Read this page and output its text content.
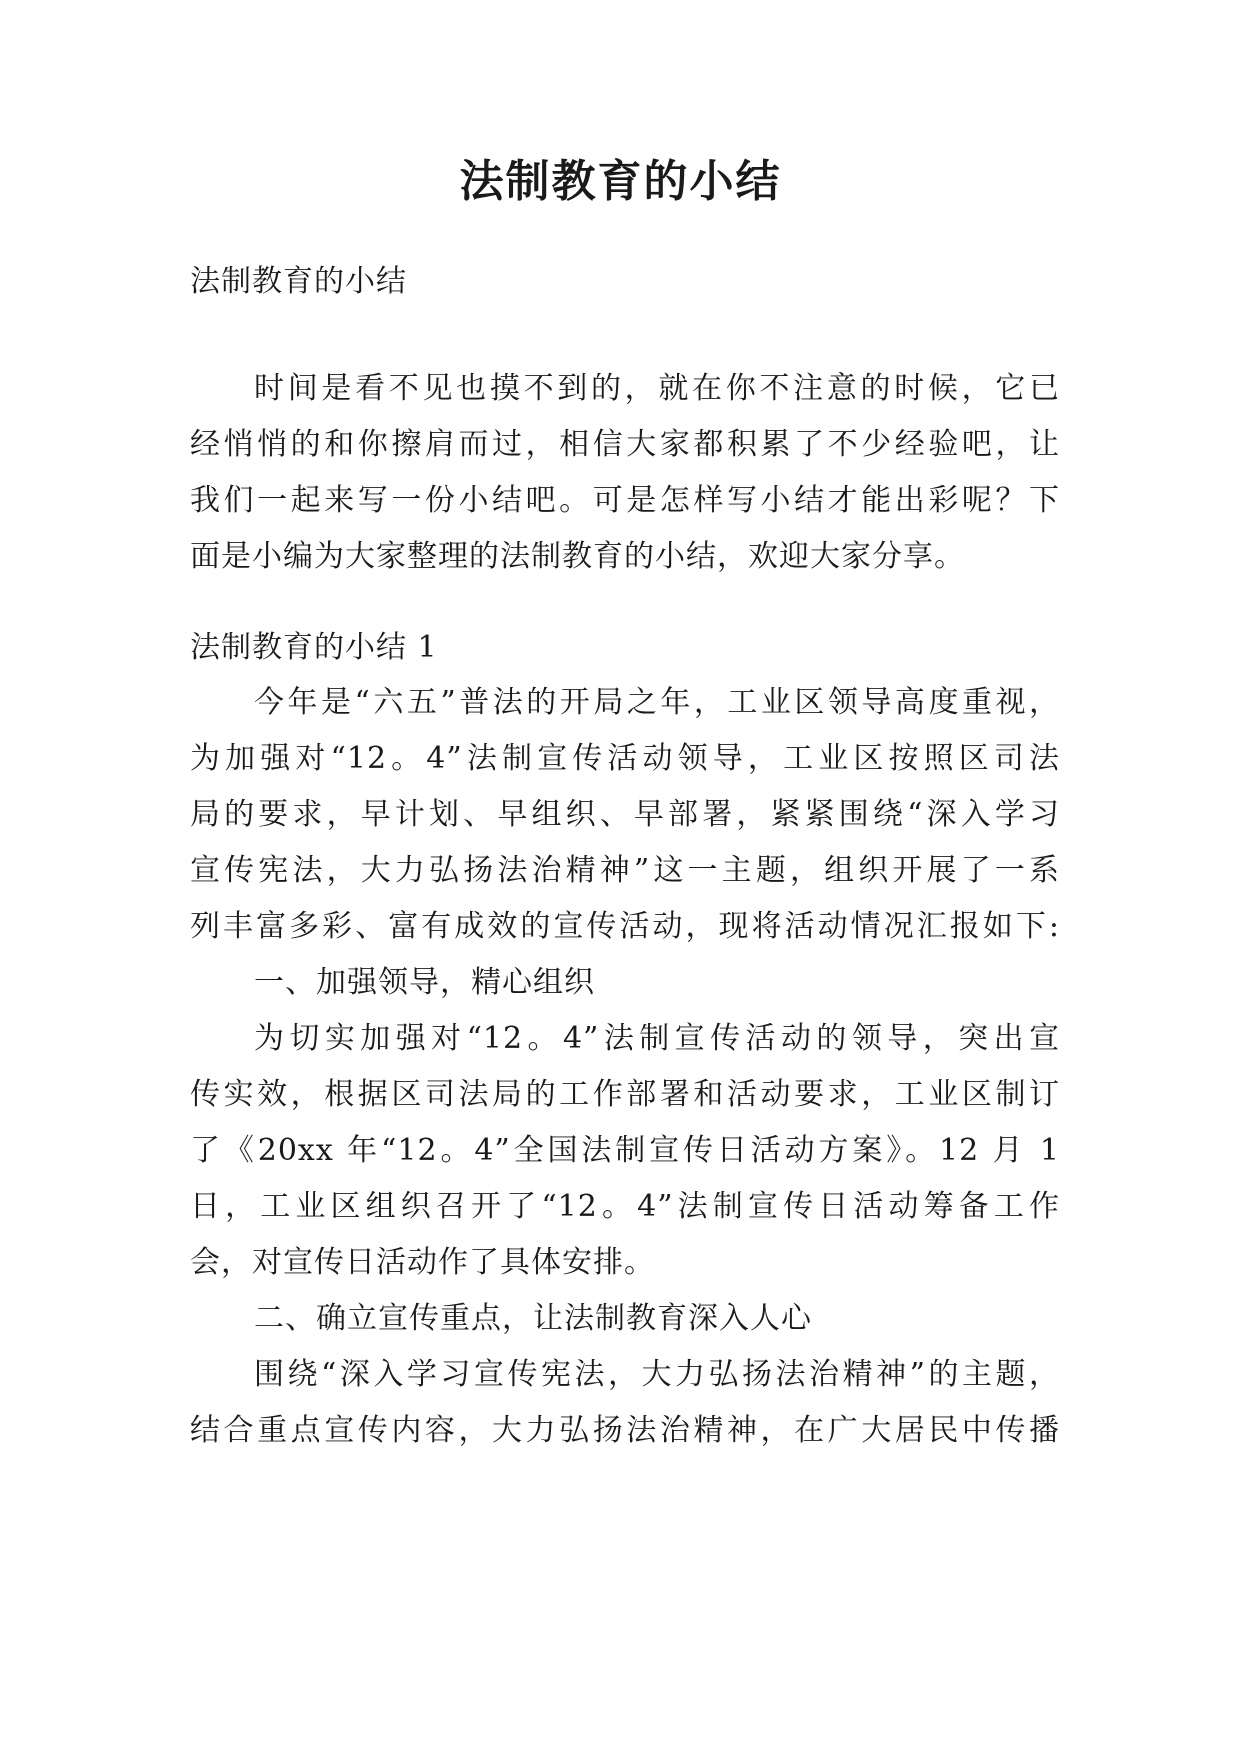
法制教育的小结
法制教育的小结
时间是看不见也摸不到的，就在你不注意的时候，它已
经悄悄的和你擦肩而过，相信大家都积累了不少经验吧，让
我们一起来写一份小结吧。可是怎样写小结才能出彩呢？下
面是小编为大家整理的法制教育的小结，欢迎大家分享。
法制教育的小结 1
今年是“六五”普法的开局之年，工业区领导高度重视，
为加强对“12。4”法制宣传活动领导，工业区按照区司法
局的要求，早计划、早组织、早部署，紧紧围绕“深入学习
宣传宪法，大力弘扬法治精神”这一主题，组织开展了一系
列丰富多彩、富有成效的宣传活动，现将活动情况汇报如下:
一、加强领导，精心组织
为切实加强对“12。4”法制宣传活动的领导，突出宣
传实效，根据区司法局的工作部署和活动要求，工业区制订
了《20xx 年“12。4”全国法制宣传日活动方案》。12 月 1
日，工业区组织召开了“12。4”法制宣传日活动筹备工作
会，对宣传日活动作了具体安排。
二、确立宣传重点，让法制教育深入人心
围绕“深入学习宣传宪法，大力弘扬法治精神”的主题，
结合重点宣传内容，大力弘扬法治精神，在广大居民中传播
